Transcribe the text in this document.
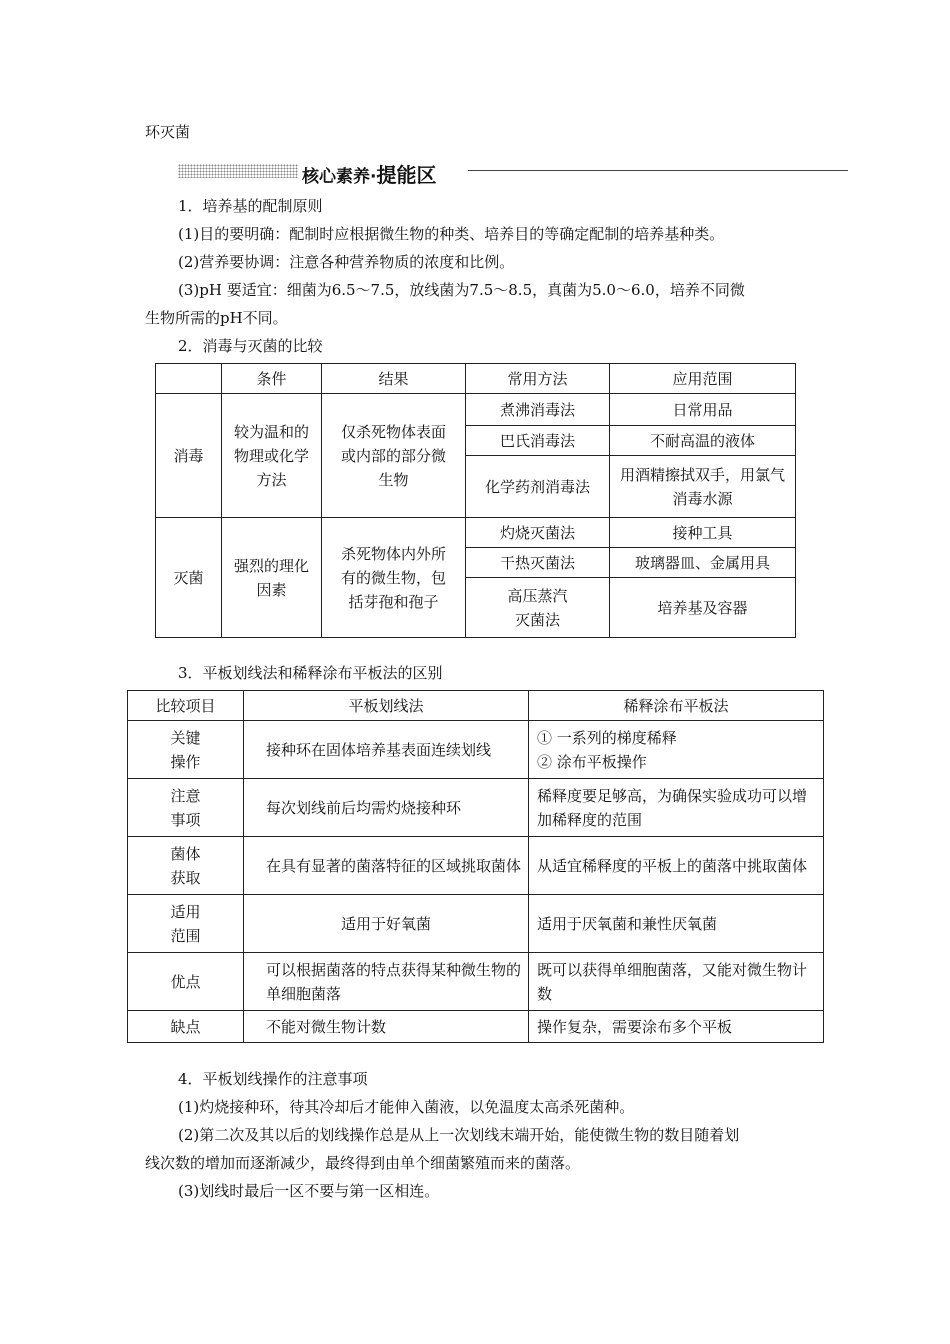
环灭菌
核心素养·提能区
1．培养基的配制原则
(1)目的要明确：配制时应根据微生物的种类、培养目的等确定配制的培养基种类。
(2)营养要协调：注意各种营养物质的浓度和比例。
(3)pH 要适宜：细菌为6.5～7.5，放线菌为7.5～8.5，真菌为5.0～6.0，培养不同微
生物所需的pH不同。
2．消毒与灭菌的比较
	条件	结果	常用方法	应用范围
消毒	较为温和的物理或化学方法	仅杀死物体表面或内部的部分微生物	煮沸消毒法	日常用品
			巴氏消毒法	不耐高温的液体
			化学药剂消毒法	用酒精擦拭双手，用氯气消毒水源
灭菌	强烈的理化因素	杀死物体内外所有的微生物，包括芽孢和孢子	灼烧灭菌法	接种工具
			干热灭菌法	玻璃器皿、金属用具
			高压蒸汽灭菌法	培养基及容器
3．平板划线法和稀释涂布平板法的区别
比较项目	平板划线法	稀释涂布平板法
关键操作	接种环在固体培养基表面连续划线	① 一系列的梯度稀释
② 涂布平板操作

注意事项	每次划线前后均需灼烧接种环	稀释度要足够高，为确保实验成功可以增加稀释度的范围
菌体获取	在具有显著的菌落特征的区域挑取菌体	从适宜稀释度的平板上的菌落中挑取菌体
适用范围	适用于好氧菌	适用于厌氧菌和兼性厌氧菌
优点	可以根据菌落的特点获得某种微生物的单细胞菌落	既可以获得单细胞菌落，又能对微生物计数
缺点	不能对微生物计数	操作复杂，需要涂布多个平板
4．平板划线操作的注意事项
(1)灼烧接种环，待其冷却后才能伸入菌液，以免温度太高杀死菌种。
(2)第二次及其以后的划线操作总是从上一次划线末端开始，能使微生物的数目随着划
线次数的增加而逐渐减少，最终得到由单个细菌繁殖而来的菌落。
(3)划线时最后一区不要与第一区相连。
